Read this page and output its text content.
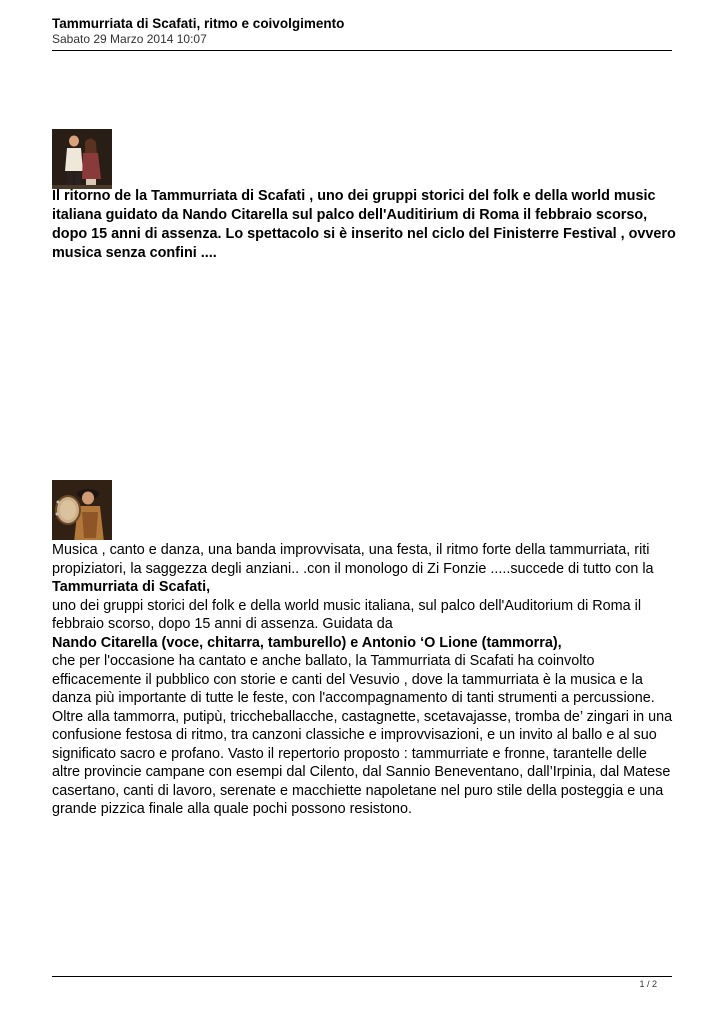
Tammurriata di Scafati, ritmo e coivolgimento
Sabato 29 Marzo 2014 10:07

Il ritorno de la Tammurriata di Scafati , uno dei gruppi storici del folk e della world music italiana guidato da Nando Citarella sul palco dell'Auditirium di Roma il febbraio scorso, dopo 15 anni di assenza. Lo spettacolo si è inserito nel ciclo del Finisterre Festival , ovvero musica senza confini ....

Musica , canto e danza, una banda improvvisata, una festa, il ritmo forte della tammurriata, riti propiziatori, la saggezza degli anziani.. .con il monologo di Zi Fonzie .....succede di tutto con la
Tammurriata di Scafati,
uno dei gruppi storici del folk e della world music italiana, sul palco dell'Auditorium di Roma il febbraio scorso, dopo 15 anni di assenza. Guidata da
Nando Citarella (voce, chitarra, tamburello) e Antonio ‘O Lione (tammorra),
che per l'occasione ha cantato e anche ballato, la Tammurriata di Scafati ha coinvolto efficacemente il pubblico con storie e canti del Vesuvio , dove la tammurriata è la musica e la danza più importante di tutte le feste, con l'accompagnamento di tanti strumenti a percussione. Oltre alla tammorra, putipù, triccheballacche, castagnette, scetavajasse, tromba de’ zingari in una confusione festosa di ritmo, tra canzoni classiche e improvvisazioni, e un invito al ballo e al suo significato sacro e profano. Vasto il repertorio proposto : tammurriate e fronne, tarantelle delle altre provincie campane con esempi dal Cilento, dal Sannio Beneventano, dall’Irpinia, dal Matese casertano, canti di lavoro, serenate e macchiette napoletane nel puro stile della posteggia e una grande pizzica finale alla quale pochi possono resistono.
1 / 2
